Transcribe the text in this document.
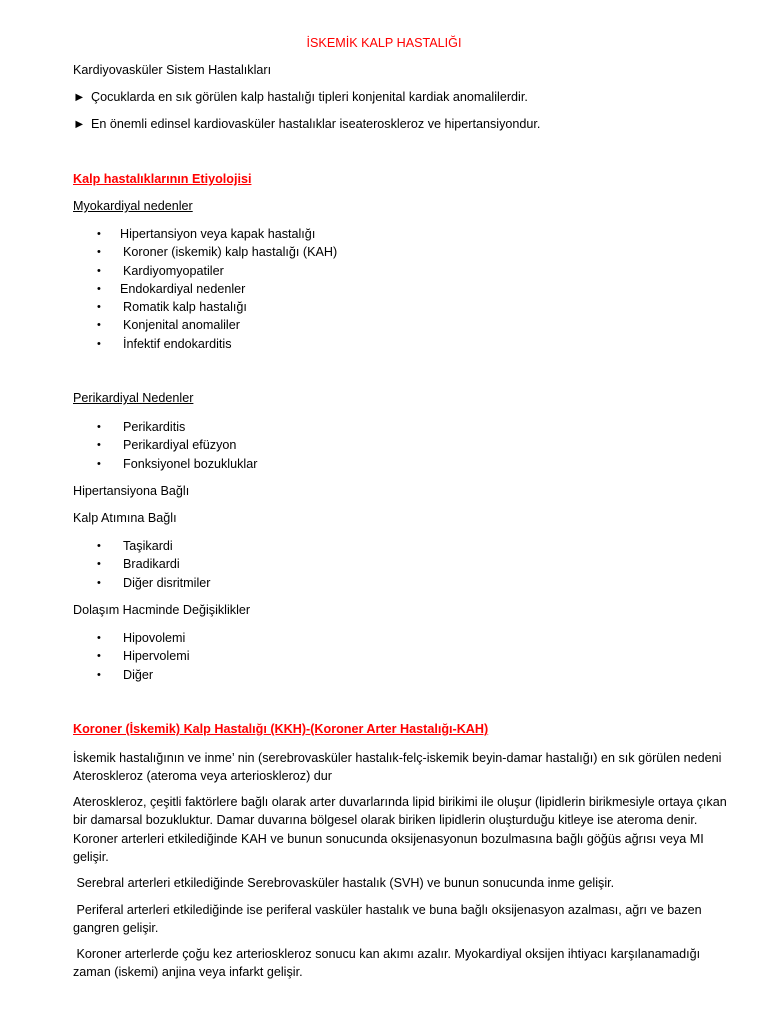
İSKEMİK KALP HASTALIĞI
Kardiyovasküler Sistem Hastalıkları
► Çocuklarda en sık görülen kalp hastalığı tipleri konjenital kardiak anomalilerdir.
► En önemli edinsel kardiovasküler hastalıklar iseateroskleroz ve hipertansiyondur.
Kalp hastalıklarının Etiyolojisi
Myokardiyal nedenler
• Hipertansiyon veya kapak hastalığı
• Koroner (iskemik) kalp hastalığı (KAH)
• Kardiyomyopatiler
• Endokardiyal nedenler
• Romatik kalp hastalığı
• Konjenital anomaliler
• İnfektif endokarditis
Perikardiyal Nedenler
• Perikarditis
• Perikardiyal efüzyon
• Fonksiyonel bozukluklar
Hipertansiyona Bağlı
Kalp Atımına Bağlı
• Taşikardi
• Bradikardi
• Diğer disritmiler
Dolaşım Hacminde Değişiklikler
• Hipovolemi
• Hipervolemi
• Diğer
Koroner (İskemik) Kalp Hastalığı (KKH)-(Koroner Arter Hastalığı-KAH)
İskemik hastalığının ve inme’ nin (serebrovasküler hastalık-felç-iskemik beyin-damar hastalığı) en sık görülen nedeni Ateroskleroz (ateroma veya arterioskleroz) dur
Ateroskleroz, çeşitli faktörlere bağlı olarak arter duvarlarında lipid birikimi ile oluşur (lipidlerin birikmesiyle ortaya çıkan bir damarsal bozukluktur. Damar duvarına bölgesel olarak biriken lipidlerin oluşturduğu kitleye ise ateroma denir. Koroner arterleri etkilediğinde KAH ve bunun sonucunda oksijenasyonun bozulmasına bağlı göğüs ağrısı veya MI gelişir.
Serebral arterleri etkilediğinde Serebrovasküler hastalık (SVH) ve bunun sonucunda inme gelişir.
Periferal arterleri etkilediğinde ise periferal vasküler hastalık ve buna bağlı oksijenasyon azalması, ağrı ve bazen gangren gelişir.
Koroner arterlerde çoğu kez arterioskleroz sonucu kan akımı azalır. Myokardiyal oksijen ihtiyacı karşılanamadığı zaman (iskemi) anjina veya infarkt gelişir.
